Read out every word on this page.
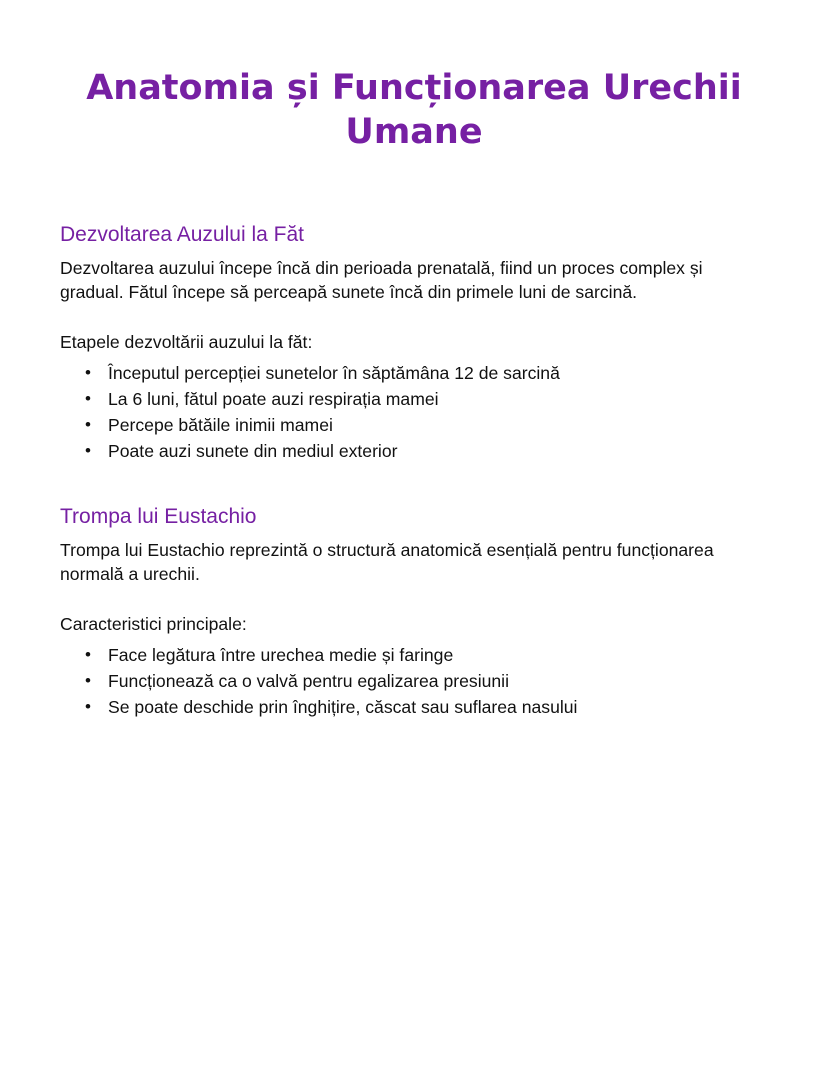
Anatomia și Funcționarea Urechii Umane
Dezvoltarea Auzului la Făt

Dezvoltarea auzului începe încă din perioada prenatală, fiind un proces complex și gradual. Fătul începe să perceapă sunete încă din primele luni de sarcină.

Etapele dezvoltării auzului la făt:

• Începutul percepției sunetelor în săptămâna 12 de sarcină
• La 6 luni, fătul poate auzi respirația mamei
• Percepe bătăile inimii mamei
• Poate auzi sunete din mediul exterior
Trompa lui Eustachio

Trompa lui Eustachio reprezintă o structură anatomică esențială pentru funcționarea normală a urechii.

Caracteristici principale:

• Face legătura între urechea medie și faringe
• Funcționează ca o valvă pentru egalizarea presiunii
• Se poate deschide prin înghițire, căscat sau suflarea nasului
